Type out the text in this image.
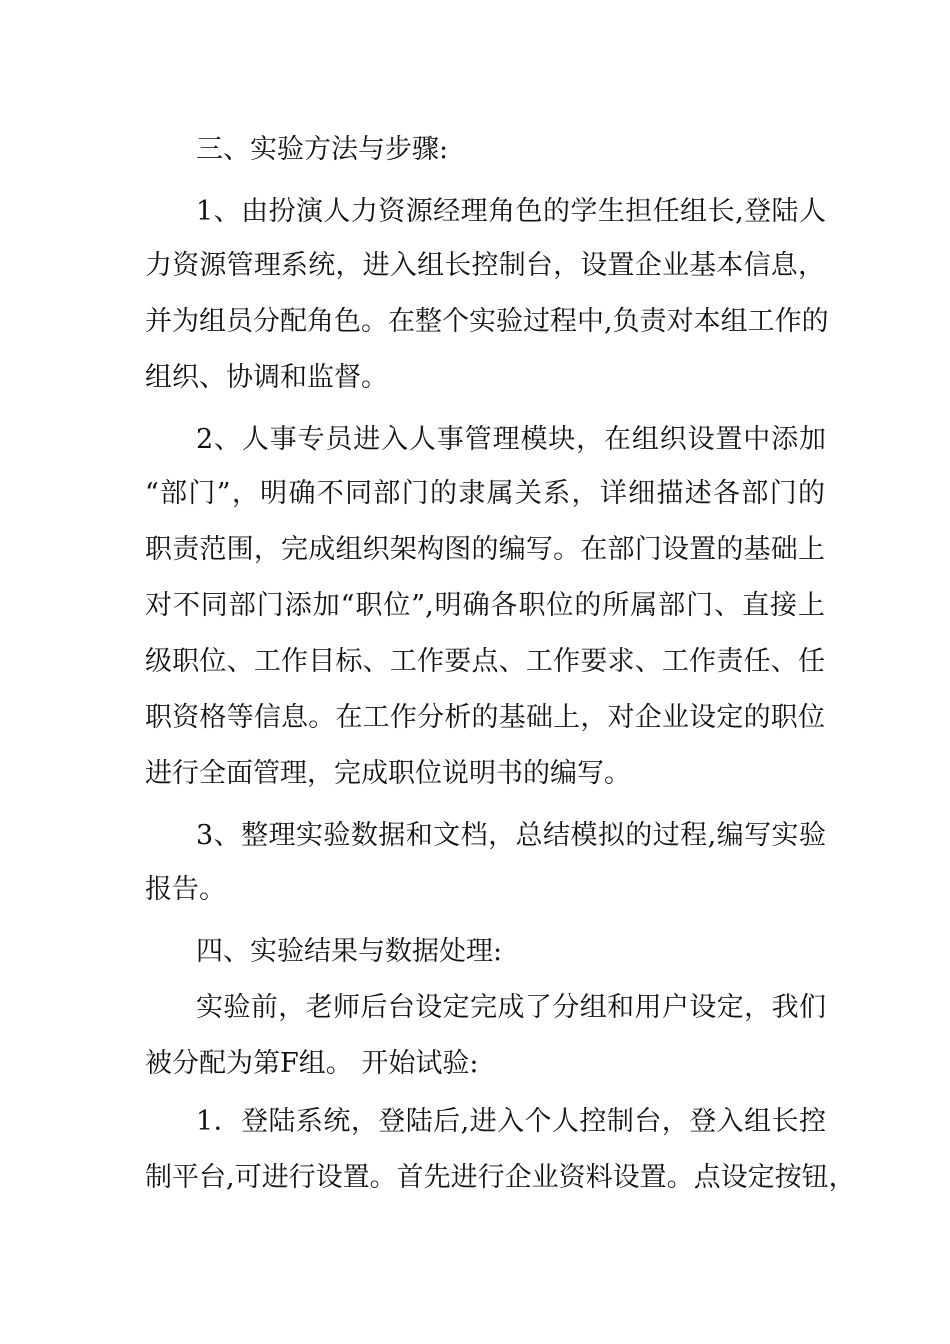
三、实验方法与步骤:
1、由扮演人力资源经理角色的学生担任组长,登陆人
力资源管理系统，进入组长控制台，设置企业基本信息，
并为组员分配角色。在整个实验过程中,负责对本组工作的
组织、协调和监督。
2、人事专员进入人事管理模块，在组织设置中添加
“部门”，明确不同部门的隶属关系，详细描述各部门的
职责范围，完成组织架构图的编写。在部门设置的基础上
对不同部门添加“职位”,明确各职位的所属部门、直接上
级职位、工作目标、工作要点、工作要求、工作责任、任
职资格等信息。在工作分析的基础上，对企业设定的职位
进行全面管理，完成职位说明书的编写。
3、整理实验数据和文档，总结模拟的过程,编写实验
报告。
四、实验结果与数据处理:
实验前，老师后台设定完成了分组和用户设定，我们
被分配为第F组。 开始试验:
1．登陆系统，登陆后,进入个人控制台，登入组长控
制平台,可进行设置。首先进行企业资料设置。点设定按钮，
